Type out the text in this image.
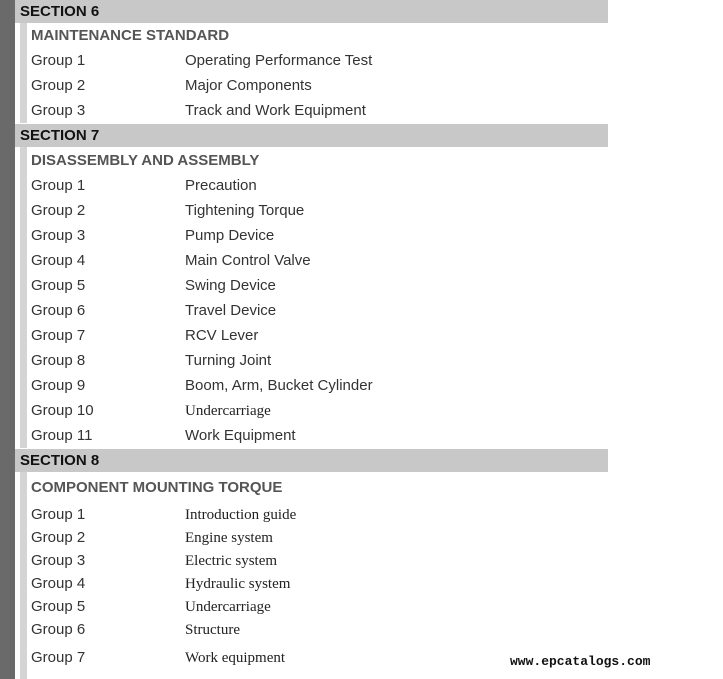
SECTION 6
MAINTENANCE STANDARD
Group 1	Operating Performance Test
Group 2	Major Components
Group 3	Track and Work Equipment
SECTION 7
DISASSEMBLY AND ASSEMBLY
Group 1	Precaution
Group 2	Tightening Torque
Group 3	Pump Device
Group 4	Main Control Valve
Group 5	Swing Device
Group 6	Travel Device
Group 7	RCV Lever
Group 8	Turning Joint
Group 9	Boom, Arm, Bucket Cylinder
Group 10	Undercarriage
Group 11	Work Equipment
SECTION 8
COMPONENT MOUNTING TORQUE
Group 1	Introduction guide
Group 2	Engine system
Group 3	Electric system
Group 4	Hydraulic system
Group 5	Undercarriage
Group 6	Structure
Group 7	Work equipment	www.epcatalogs.com
